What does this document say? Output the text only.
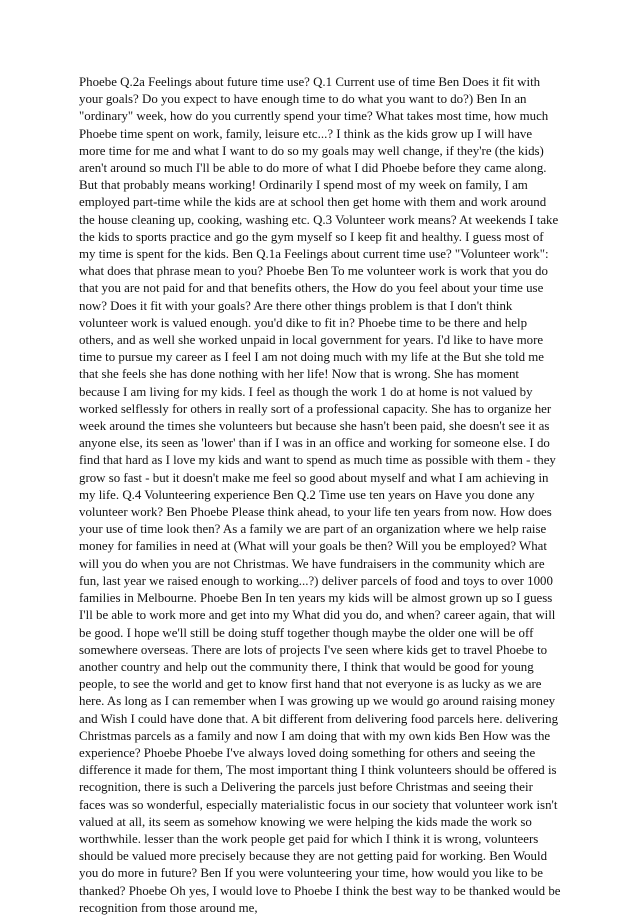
Phoebe Q.2a Feelings about future time use? Q.1 Current use of time Ben Does it fit with your goals? Do you expect to have enough time to do what you want to do?) Ben In an "ordinary" week, how do you currently spend your time? What takes most time, how much Phoebe time spent on work, family, leisure etc...? I think as the kids grow up I will have more time for me and what I want to do so my goals may well change, if they're (the kids) aren't around so much I'll be able to do more of what I did Phoebe before they came along. But that probably means working! Ordinarily I spend most of my week on family, I am employed part-time while the kids are at school then get home with them and work around the house cleaning up, cooking, washing etc. Q.3 Volunteer work means? At weekends I take the kids to sports practice and go the gym myself so I keep fit and healthy. I guess most of my time is spent for the kids. Ben Q.1a Feelings about current time use? "Volunteer work": what does that phrase mean to you? Phoebe Ben To me volunteer work is work that you do that you are not paid for and that benefits others, the How do you feel about your time use now? Does it fit with your goals? Are there other things problem is that I don't think volunteer work is valued enough. you'd dike to fit in? Phoebe time to be there and help others, and as well she worked unpaid in local government for years. I'd like to have more time to pursue my career as I feel I am not doing much with my life at the But she told me that she feels she has done nothing with her life! Now that is wrong. She has moment because I am living for my kids. I feel as though the work 1 do at home is not valued by worked selflessly for others in really sort of a professional capacity. She has to organize her week around the times she volunteers but because she hasn't been paid, she doesn't see it as anyone else, its seen as 'lower' than if I was in an office and working for someone else. I do find that hard as I love my kids and want to spend as much time as possible with them - they grow so fast - but it doesn't make me feel so good about myself and what I am achieving in my life. Q.4 Volunteering experience Ben Q.2 Time use ten years on Have you done any volunteer work? Ben Phoebe Please think ahead, to your life ten years from now. How does your use of time look then? As a family we are part of an organization where we help raise money for families in need at (What will your goals be then? Will you be employed? What will you do when you are not Christmas. We have fundraisers in the community which are fun, last year we raised enough to working...?) deliver parcels of food and toys to over 1000 families in Melbourne. Phoebe Ben In ten years my kids will be almost grown up so I guess I'll be able to work more and get into my What did you do, and when? career again, that will be good. I hope we'll still be doing stuff together though maybe the older one will be off somewhere overseas. There are lots of projects I've seen where kids get to travel Phoebe to another country and help out the community there, I think that would be good for young people, to see the world and get to know first hand that not everyone is as lucky as we are here. As long as I can remember when I was growing up we would go around raising money and Wish I could have done that. A bit different from delivering food parcels here. delivering Christmas parcels as a family and now I am doing that with my own kids Ben How was the experience? Phoebe Phoebe I've always loved doing something for others and seeing the difference it made for them, The most important thing I think volunteers should be offered is recognition, there is such a Delivering the parcels just before Christmas and seeing their faces was so wonderful, especially materialistic focus in our society that volunteer work isn't valued at all, its seem as somehow knowing we were helping the kids made the work so worthwhile. lesser than the work people get paid for which I think it is wrong, volunteers should be valued more precisely because they are not getting paid for working. Ben Would you do more in future? Ben If you were volunteering your time, how would you like to be thanked? Phoebe Oh yes, I would love to Phoebe I think the best way to be thanked would be recognition from those around me,
